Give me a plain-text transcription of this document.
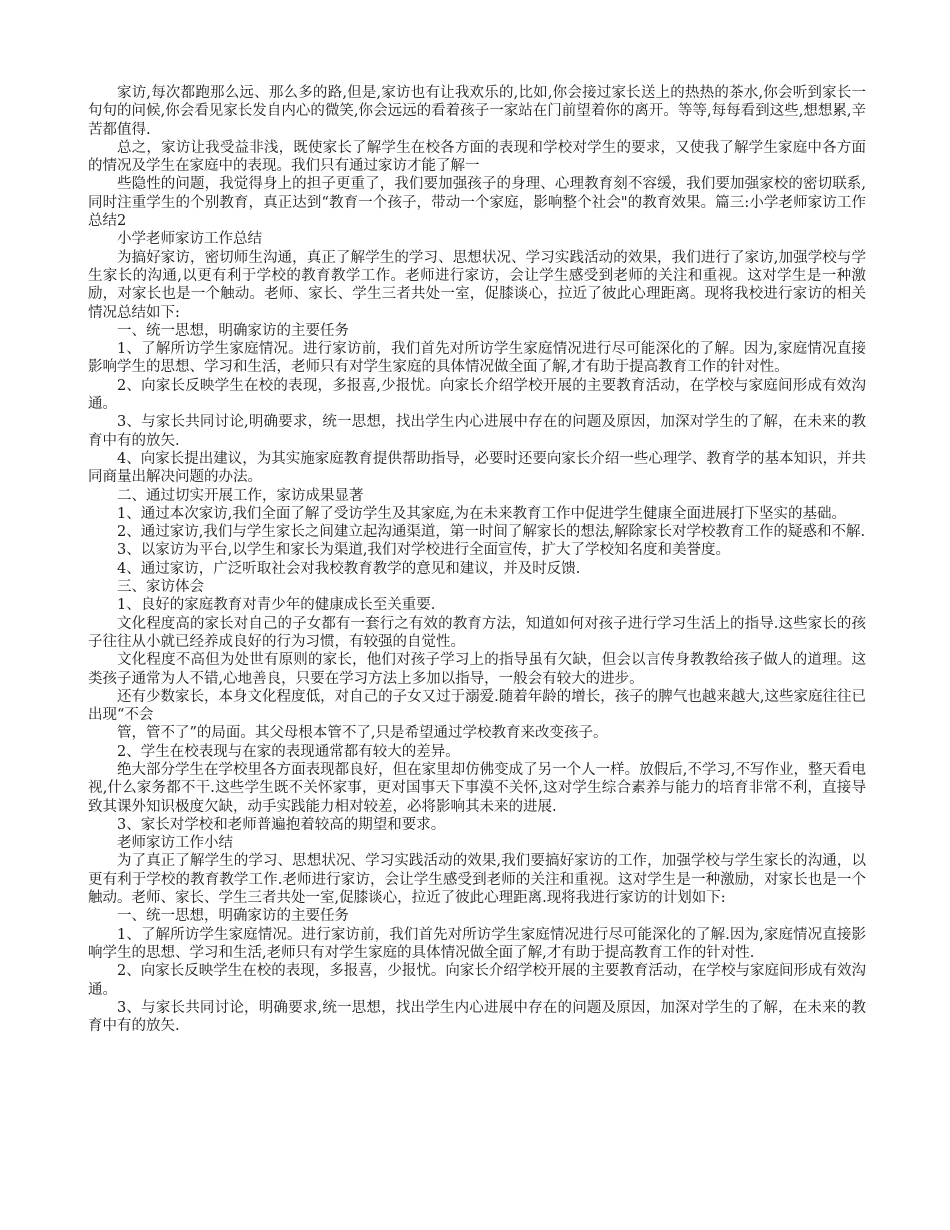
家访,每次都跑那么远、那么多的路,但是,家访也有让我欢乐的,比如,你会接过家长送上的热热的茶水,你会听到家长一句句的问候,你会看见家长发自内心的微笑,你会远远的看着孩子一家站在门前望着你的离开。等等,每每看到这些,想想累,辛苦都值得.

总之，家访让我受益非浅，既使家长了解学生在校各方面的表现和学校对学生的要求，又使我了解学生家庭中各方面的情况及学生在家庭中的表现。我们只有通过家访才能了解一

些隐性的问题，我觉得身上的担子更重了，我们要加强孩子的身理、心理教育刻不容缓，我们要加强家校的密切联系,同时注重学生的个别教育，真正达到“教育一个孩子，带动一个家庭，影响整个社会"的教育效果。篇三:小学老师家访工作总结2

小学老师家访工作总结

为搞好家访，密切师生沟通，真正了解学生的学习、思想状况、学习实践活动的效果，我们进行了家访,加强学校与学生家长的沟通,以更有利于学校的教育教学工作。老师进行家访，会让学生感受到老师的关注和重视。这对学生是一种激励，对家长也是一个触动。老师、家长、学生三者共处一室，促膝谈心，拉近了彼此心理距离。现将我校进行家访的相关情况总结如下:

一、统一思想，明确家访的主要任务

1、了解所访学生家庭情况。进行家访前，我们首先对所访学生家庭情况进行尽可能深化的了解。因为,家庭情况直接影响学生的思想、学习和生活，老师只有对学生家庭的具体情况做全面了解,才有助于提高教育工作的针对性。

2、向家长反映学生在校的表现，多报喜,少报忧。向家长介绍学校开展的主要教育活动，在学校与家庭间形成有效沟通。

3、与家长共同讨论,明确要求，统一思想，找出学生内心进展中存在的问题及原因，加深对学生的了解，在未来的教育中有的放矢.

4、向家长提出建议，为其实施家庭教育提供帮助指导，必要时还要向家长介绍一些心理学、教育学的基本知识，并共同商量出解决问题的办法。

二、通过切实开展工作，家访成果显著

1、通过本次家访,我们全面了解了受访学生及其家庭,为在未来教育工作中促进学生健康全面进展打下坚实的基础。

2、通过家访,我们与学生家长之间建立起沟通渠道，第一时间了解家长的想法,解除家长对学校教育工作的疑惑和不解.

3、以家访为平台,以学生和家长为渠道,我们对学校进行全面宣传，扩大了学校知名度和美誉度。

4、通过家访，广泛听取社会对我校教育教学的意见和建议，并及时反馈.

三、家访体会

1、良好的家庭教育对青少年的健康成长至关重要.

文化程度高的家长对自己的子女都有一套行之有效的教育方法，知道如何对孩子进行学习生活上的指导.这些家长的孩子往往从小就已经养成良好的行为习惯，有较强的自觉性。

文化程度不高但为处世有原则的家长，他们对孩子学习上的指导虽有欠缺，但会以言传身教教给孩子做人的道理。这类孩子通常为人不错,心地善良，只要在学习方法上多加以指导，一般会有较大的进步。

还有少数家长，本身文化程度低，对自己的子女又过于溺爱.随着年龄的增长，孩子的脾气也越来越大,这些家庭往往已出现“不会

管，管不了”的局面。其父母根本管不了,只是希望通过学校教育来改变孩子。

2、学生在校表现与在家的表现通常都有较大的差异。

绝大部分学生在学校里各方面表现都良好，但在家里却仿佛变成了另一个人一样。放假后,不学习,不写作业，整天看电视,什么家务都不干.这些学生既不关怀家事，更对国事天下事漠不关怀,这对学生综合素养与能力的培育非常不利，直接导致其课外知识极度欠缺，动手实践能力相对较差，必将影响其未来的进展.

3、家长对学校和老师普遍抱着较高的期望和要求。

老师家访工作小结

为了真正了解学生的学习、思想状况、学习实践活动的效果,我们要搞好家访的工作，加强学校与学生家长的沟通，以更有利于学校的教育教学工作.老师进行家访，会让学生感受到老师的关注和重视。这对学生是一种激励，对家长也是一个触动。老师、家长、学生三者共处一室,促膝谈心，拉近了彼此心理距离.现将我进行家访的计划如下:

一、统一思想，明确家访的主要任务

1、了解所访学生家庭情况。进行家访前，我们首先对所访学生家庭情况进行尽可能深化的了解.因为,家庭情况直接影响学生的思想、学习和生活,老师只有对学生家庭的具体情况做全面了解,才有助于提高教育工作的针对性.

2、向家长反映学生在校的表现，多报喜，少报忧。向家长介绍学校开展的主要教育活动，在学校与家庭间形成有效沟通。

3、与家长共同讨论，明确要求,统一思想，找出学生内心进展中存在的问题及原因，加深对学生的了解，在未来的教育中有的放矢.
